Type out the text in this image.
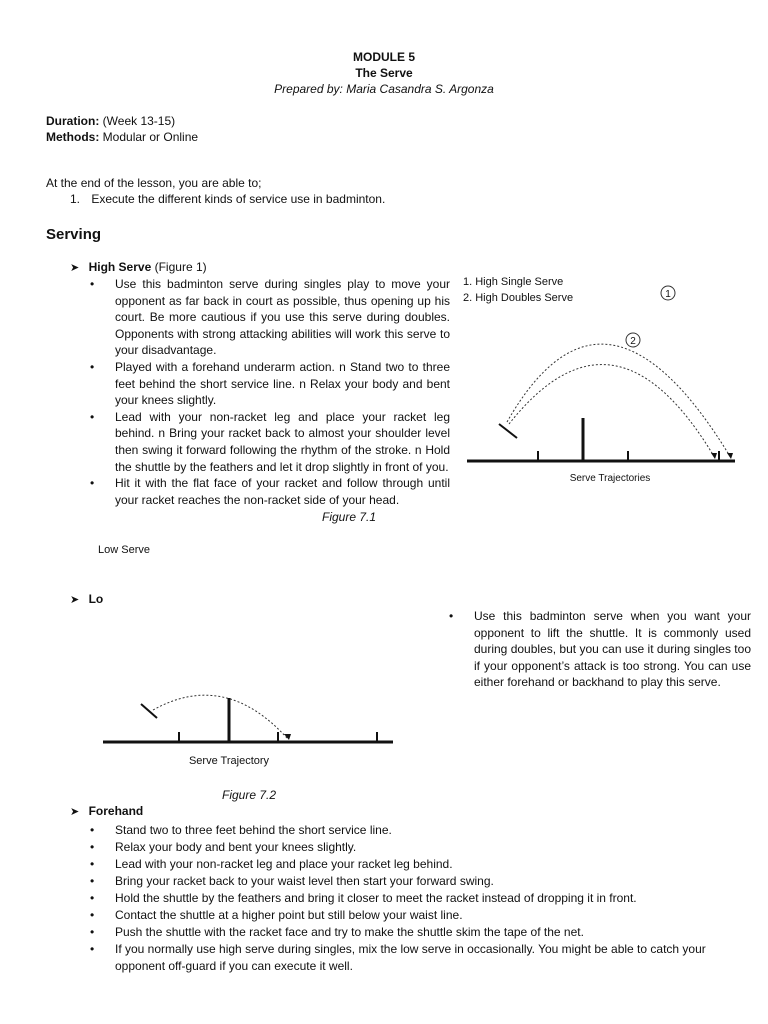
MODULE 5
The Serve
Prepared by: Maria Casandra S. Argonza
Duration: (Week 13-15)
Methods: Modular or Online
At the end of the lesson, you are able to;
1. Execute the different kinds of service use in badminton.
Serving
➤ High Serve (Figure 1)
• Use this badminton serve during singles play to move your opponent as far back in court as possible, thus opening up his court. Be more cautious if you use this serve during doubles. Opponents with strong attacking abilities will work this serve to your disadvantage.
• Played with a forehand underarm action. n Stand two to three feet behind the short service line. n Relax your body and bent your knees slightly.
• Lead with your non-racket leg and place your racket leg behind. n Bring your racket back to almost your shoulder level then swing it forward following the rhythm of the stroke. n Hold the shuttle by the feathers and let it drop slightly in front of you.
• Hit it with the flat face of your racket and follow through until your racket reaches the non-racket side of your head.
Figure 7.1
1. High Single Serve
2. High Doubles Serve	1
2
Serve Trajectories
Low Serve
➤ Lo
• Use this badminton serve when you want your opponent to lift the shuttle. It is commonly used during doubles, but you can use it during singles too if your opponent’s attack is too strong. You can use either forehand or backhand to play this serve.
Serve Trajectory
Figure 7.2
➤ Forehand
• Stand two to three feet behind the short service line.
• Relax your body and bent your knees slightly.
• Lead with your non-racket leg and place your racket leg behind.
• Bring your racket back to your waist level then start your forward swing.
• Hold the shuttle by the feathers and bring it closer to meet the racket instead of dropping it in front.
• Contact the shuttle at a higher point but still below your waist line.
• Push the shuttle with the racket face and try to make the shuttle skim the tape of the net.
• If you normally use high serve during singles, mix the low serve in occasionally. You might be able to catch your opponent off-guard if you can execute it well.
